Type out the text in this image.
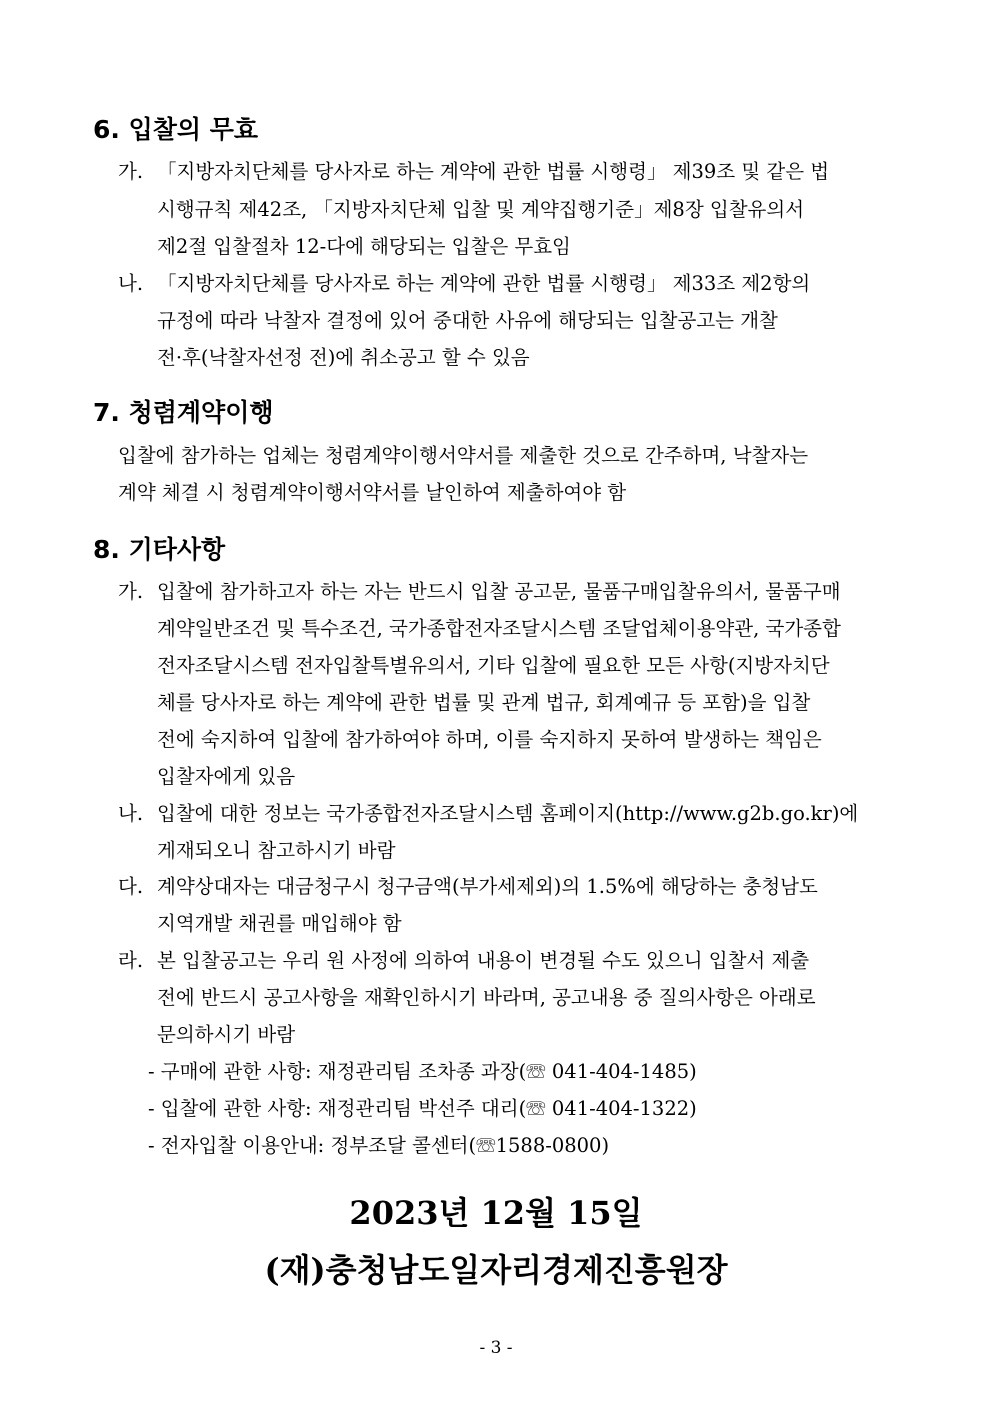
6. 입찰의 무효
가. 「지방자치단체를 당사자로 하는 계약에 관한 법률 시행령」 제39조 및 같은 법
시행규칙 제42조, 「지방자치단체 입찰 및 계약집행기준」제8장 입찰유의서
제2절 입찰절차 12-다에 해당되는 입찰은 무효임
나. 「지방자치단체를 당사자로 하는 계약에 관한 법률 시행령」 제33조 제2항의
규정에 따라 낙찰자 결정에 있어 중대한 사유에 해당되는 입찰공고는 개찰
전·후(낙찰자선정 전)에 취소공고 할 수 있음
7. 청렴계약이행
입찰에 참가하는 업체는 청렴계약이행서약서를 제출한 것으로 간주하며, 낙찰자는
계약 체결 시 청렴계약이행서약서를 날인하여 제출하여야 함
8. 기타사항
가. 입찰에 참가하고자 하는 자는 반드시 입찰 공고문, 물품구매입찰유의서, 물품구매
계약일반조건 및 특수조건, 국가종합전자조달시스템 조달업체이용약관, 국가종합
전자조달시스템 전자입찰특별유의서, 기타 입찰에 필요한 모든 사항(지방자치단
체를 당사자로 하는 계약에 관한 법률 및 관계 법규, 회계예규 등 포함)을 입찰
전에 숙지하여 입찰에 참가하여야 하며, 이를 숙지하지 못하여 발생하는 책임은
입찰자에게 있음
나. 입찰에 대한 정보는 국가종합전자조달시스템 홈페이지(http://www.g2b.go.kr)에
게재되오니 참고하시기 바람
다. 계약상대자는 대금청구시 청구금액(부가세제외)의 1.5%에 해당하는 충청남도
지역개발 채권를 매입해야 함
라. 본 입찰공고는 우리 원 사정에 의하여 내용이 변경될 수도 있으니 입찰서 제출
전에 반드시 공고사항을 재확인하시기 바라며, 공고내용 중 질의사항은 아래로
문의하시기 바람
- 구매에 관한 사항: 재정관리팀 조차종 과장(☏ 041-404-1485)
- 입찰에 관한 사항: 재정관리팀 박선주 대리(☏ 041-404-1322)
- 전자입찰 이용안내: 정부조달 콜센터(☏1588-0800)
2023년 12월 15일
(재)충청남도일자리경제진흥원장
- 3 -
